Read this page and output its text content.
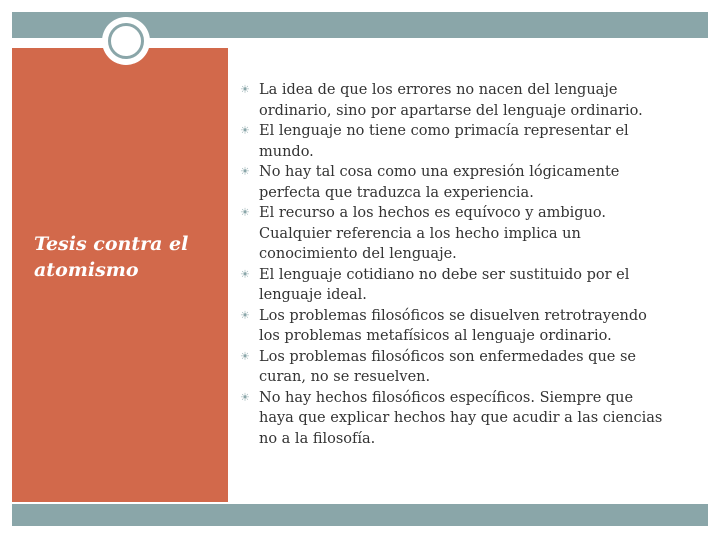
Tesis contra el atomismo
☀ La idea de que los errores no nacen del lenguaje ordinario, sino por apartarse del lenguaje ordinario.
☀ El lenguaje no tiene como primacía representar el mundo.
☀ No hay tal cosa como una expresión lógicamente perfecta que traduzca la experiencia.
☀ El recurso a los hechos es equívoco y ambiguo. Cualquier referencia a los hecho implica un conocimiento del lenguaje.
☀ El lenguaje cotidiano no debe ser sustituido por el lenguaje ideal.
☀ Los problemas filosóficos se disuelven retrotrayendo los problemas metafísicos al lenguaje ordinario.
☀ Los problemas filosóficos son enfermedades que se curan, no se resuelven.
☀ No hay hechos filosóficos específicos. Siempre que haya que explicar hechos hay que acudir a las ciencias no a la filosofía.
